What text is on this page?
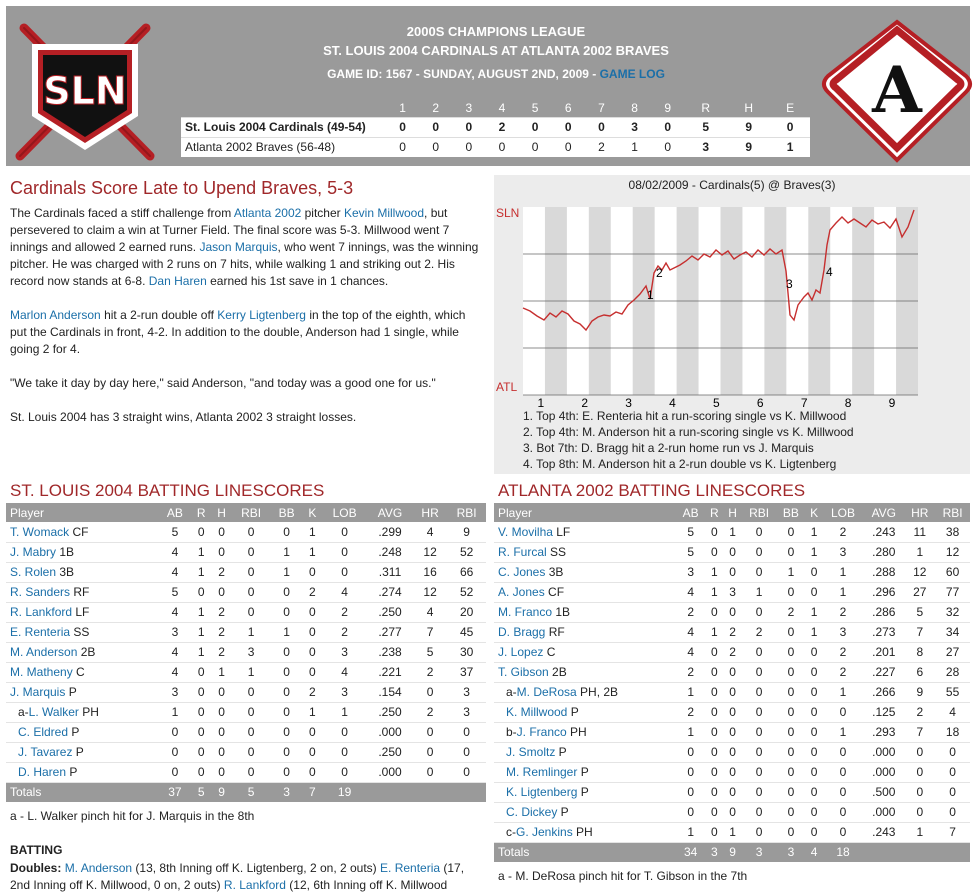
SLN
2000S CHAMPIONS LEAGUE
ST. LOUIS 2004 CARDINALS AT ATLANTA 2002 BRAVES
GAME ID: 1567 - SUNDAY, AUGUST 2ND, 2009 - GAME LOG
	1	2	3	4	5	6	7	8	9	R	H	E
St. Louis 2004 Cardinals (49-54)	0	0	0	2	0	0	0	3	0	5	9	0
Atlanta 2002 Braves (56-48)	0	0	0	0	0	0	2	1	0	3	9	1
A
Cardinals Score Late to Upend Braves, 5-3

The Cardinals faced a stiff challenge from Atlanta 2002 pitcher Kevin Millwood, but persevered to claim a win at Turner Field. The final score was 5-3. Millwood went 7 innings and allowed 2 earned runs. Jason Marquis, who went 7 innings, was the winning pitcher. He was charged with 2 runs on 7 hits, while walking 1 and striking out 2. His record now stands at 6-8. Dan Haren earned his 1st save in 1 chances.

Marlon Anderson hit a 2-run double off Kerry Ligtenberg in the top of the eighth, which put the Cardinals in front, 4-2. In addition to the double, Anderson had 1 single, while going 2 for 4.

"We take it day by day here," said Anderson, "and today was a good one for us."

St. Louis 2004 has 3 straight wins, Atlanta 2002 3 straight losses.

SLN
ATL
1
2
3
4
1	2	3	4	5	6	7	8	9
08/02/2009 - Cardinals(5) @ Braves(3)
1. Top 4th: E. Renteria hit a run-scoring single vs K. Millwood
2. Top 4th: M. Anderson hit a run-scoring single vs K. Millwood
3. Bot 7th: D. Bragg hit a 2-run home run vs J. Marquis
4. Top 8th: M. Anderson hit a 2-run double vs K. Ligtenberg
ST. LOUIS 2004 BATTING LINESCORES
Player	AB	R	H	RBI	BB	K	LOB	AVG	HR	RBI
T. Womack CF	5	0	0	0	0	1	0	.299	4	9
J. Mabry 1B	4	1	0	0	1	1	0	.248	12	52
S. Rolen 3B	4	1	2	0	1	0	0	.311	16	66
R. Sanders RF	5	0	0	0	0	2	4	.274	12	52
R. Lankford LF	4	1	2	0	0	0	2	.250	4	20
E. Renteria SS	3	1	2	1	1	0	2	.277	7	45
M. Anderson 2B	4	1	2	3	0	0	3	.238	5	30
M. Matheny C	4	0	1	1	0	0	4	.221	2	37
J. Marquis P	3	0	0	0	0	2	3	.154	0	3
a-L. Walker PH	1	0	0	0	0	1	1	.250	2	3
C. Eldred P	0	0	0	0	0	0	0	.000	0	0
J. Tavarez P	0	0	0	0	0	0	0	.250	0	0
D. Haren P	0	0	0	0	0	0	0	.000	0	0
Totals	37	5	9	5	3	7	19			
a - L. Walker pinch hit for J. Marquis in the 8th
ATLANTA 2002 BATTING LINESCORES
Player	AB	R	H	RBI	BB	K	LOB	AVG	HR	RBI
V. Movilha LF	5	0	1	0	0	1	2	.243	11	38
R. Furcal SS	5	0	0	0	0	1	3	.280	1	12
C. Jones 3B	3	1	0	0	1	0	1	.288	12	60
A. Jones CF	4	1	3	1	0	0	1	.296	27	77
M. Franco 1B	2	0	0	0	2	1	2	.286	5	32
D. Bragg RF	4	1	2	2	0	1	3	.273	7	34
J. Lopez C	4	0	2	0	0	0	2	.201	8	27
T. Gibson 2B	2	0	0	0	0	0	2	.227	6	28
a-M. DeRosa PH, 2B	1	0	0	0	0	0	1	.266	9	55
K. Millwood P	2	0	0	0	0	0	0	.125	2	4
b-J. Franco PH	1	0	0	0	0	0	1	.293	7	18
J. Smoltz P	0	0	0	0	0	0	0	.000	0	0
M. Remlinger P	0	0	0	0	0	0	0	.000	0	0
K. Ligtenberg P	0	0	0	0	0	0	0	.500	0	0
C. Dickey P	0	0	0	0	0	0	0	.000	0	0
c-G. Jenkins PH	1	0	1	0	0	0	0	.243	1	7
Totals	34	3	9	3	3	4	18			
a - M. DeRosa pinch hit for T. Gibson in the 7th
BATTING
Doubles: M. Anderson (13, 8th Inning off K. Ligtenberg, 2 on, 2 outs) E. Renteria (17, 2nd Inning off K. Millwood, 0 on, 2 outs) R. Lankford (12, 6th Inning off K. Millwood
